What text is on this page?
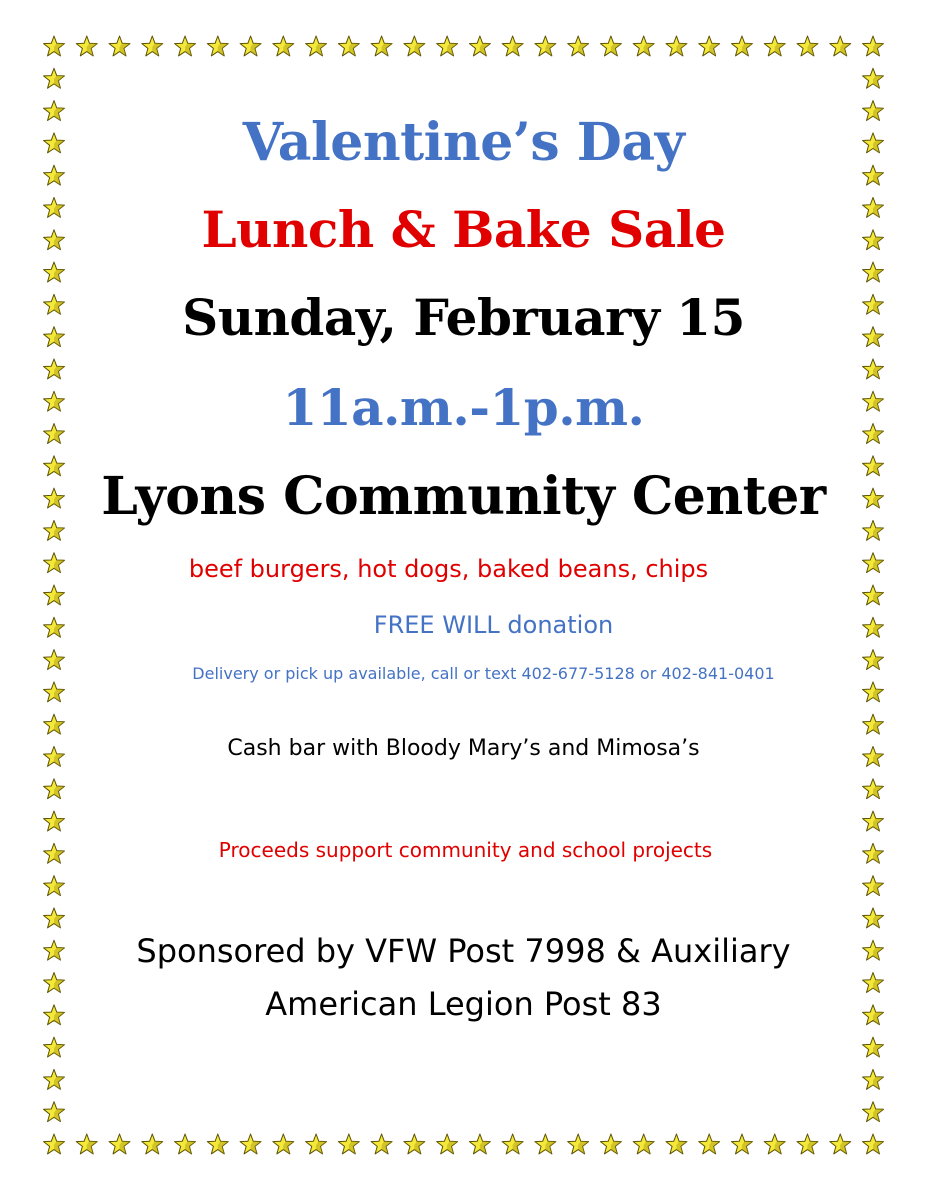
Valentine’s Day
Lunch & Bake Sale

Sunday, February 15

11a.m.-1p.m.

Lyons Community Center

beef burgers, hot dogs, baked beans, chips

FREE WILL donation

Delivery or pick up available, call or text 402-677-5128 or 402-841-0401

Cash bar with Bloody Mary’s and Mimosa’s

Proceeds support community and school projects

Sponsored by VFW Post 7998 & Auxiliary

American Legion Post 83
